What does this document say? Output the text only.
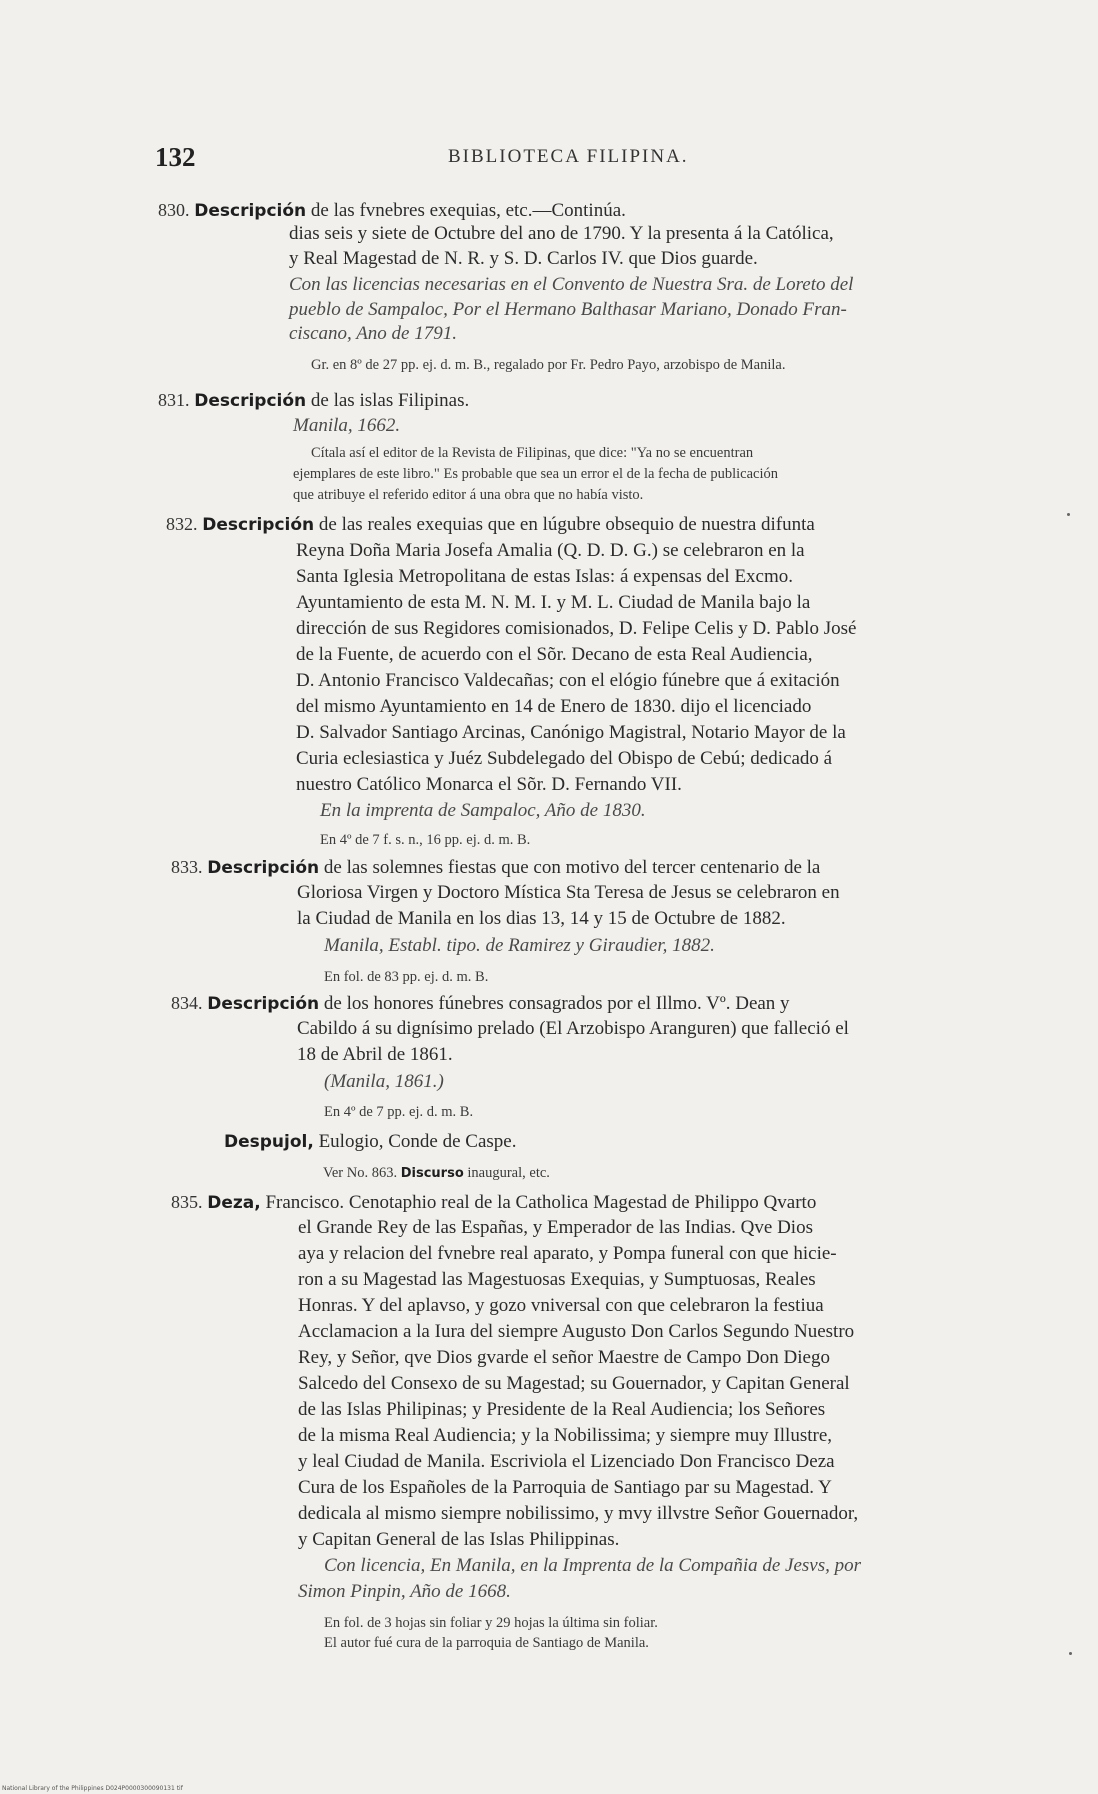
132	BIBLIOTECA FILIPINA.
830. Descripción de las fvnebres exequias, etc.—Continúa.
dias seis y siete de Octubre del ano de 1790. Y la presenta á la Católica,
y Real Magestad de N. R. y S. D. Carlos IV. que Dios guarde.
Con las licencias necesarias en el Convento de Nuestra Sra. de Loreto del
pueblo de Sampaloc, Por el Hermano Balthasar Mariano, Donado Fran-
ciscano, Ano de 1791.
Gr. en 8º de 27 pp. ej. d. m. B., regalado por Fr. Pedro Payo, arzobispo de Manila.
831. Descripción de las islas Filipinas.
Manila, 1662.
Cítala así el editor de la Revista de Filipinas, que dice: "Ya no se encuentran
ejemplares de este libro." Es probable que sea un error el de la fecha de publicación
que atribuye el referido editor á una obra que no había visto.
832. Descripción de las reales exequias que en lúgubre obsequio de nuestra difunta
Reyna Doña Maria Josefa Amalia (Q. D. D. G.) se celebraron en la
Santa Iglesia Metropolitana de estas Islas: á expensas del Excmo.
Ayuntamiento de esta M. N. M. I. y M. L. Ciudad de Manila bajo la
dirección de sus Regidores comisionados, D. Felipe Celis y D. Pablo José
de la Fuente, de acuerdo con el Sõr. Decano de esta Real Audiencia,
D. Antonio Francisco Valdecañas; con el elógio fúnebre que á exitación
del mismo Ayuntamiento en 14 de Enero de 1830. dijo el licenciado
D. Salvador Santiago Arcinas, Canónigo Magistral, Notario Mayor de la
Curia eclesiastica y Juéz Subdelegado del Obispo de Cebú; dedicado á
nuestro Católico Monarca el Sõr. D. Fernando VII.
En la imprenta de Sampaloc, Año de 1830.
En 4º de 7 f. s. n., 16 pp. ej. d. m. B.
833. Descripción de las solemnes fiestas que con motivo del tercer centenario de la
Gloriosa Virgen y Doctoro Mística Sta Teresa de Jesus se celebraron en
la Ciudad de Manila en los dias 13, 14 y 15 de Octubre de 1882.
Manila, Establ. tipo. de Ramirez y Giraudier, 1882.
En fol. de 83 pp. ej. d. m. B.
834. Descripción de los honores fúnebres consagrados por el Illmo. Vº. Dean y
Cabildo á su dignísimo prelado (El Arzobispo Aranguren) que falleció el
18 de Abril de 1861.
(Manila, 1861.)
En 4º de 7 pp. ej. d. m. B.
Despujol, Eulogio, Conde de Caspe.
Ver No. 863. Discurso inaugural, etc.
835. Deza, Francisco. Cenotaphio real de la Catholica Magestad de Philippo Qvarto
el Grande Rey de las Españas, y Emperador de las Indias. Qve Dios
aya y relacion del fvnebre real aparato, y Pompa funeral con que hicie-
ron a su Magestad las Magestuosas Exequias, y Sumptuosas, Reales
Honras. Y del aplavso, y gozo vniversal con que celebraron la festiua
Acclamacion a la Iura del siempre Augusto Don Carlos Segundo Nuestro
Rey, y Señor, qve Dios gvarde el señor Maestre de Campo Don Diego
Salcedo del Consexo de su Magestad; su Gouernador, y Capitan General
de las Islas Philipinas; y Presidente de la Real Audiencia; los Señores
de la misma Real Audiencia; y la Nobilissima; y siempre muy Illustre,
y leal Ciudad de Manila. Escriviola el Lizenciado Don Francisco Deza
Cura de los Españoles de la Parroquia de Santiago par su Magestad. Y
dedicala al mismo siempre nobilissimo, y mvy illvstre Señor Gouernador,
y Capitan General de las Islas Philippinas.
Con licencia, En Manila, en la Imprenta de la Compañia de Jesvs, por
Simon Pinpin, Año de 1668.
En fol. de 3 hojas sin foliar y 29 hojas la última sin foliar.
El autor fué cura de la parroquia de Santiago de Manila.
National Library of the Philippines D024P0000300090131 tif
